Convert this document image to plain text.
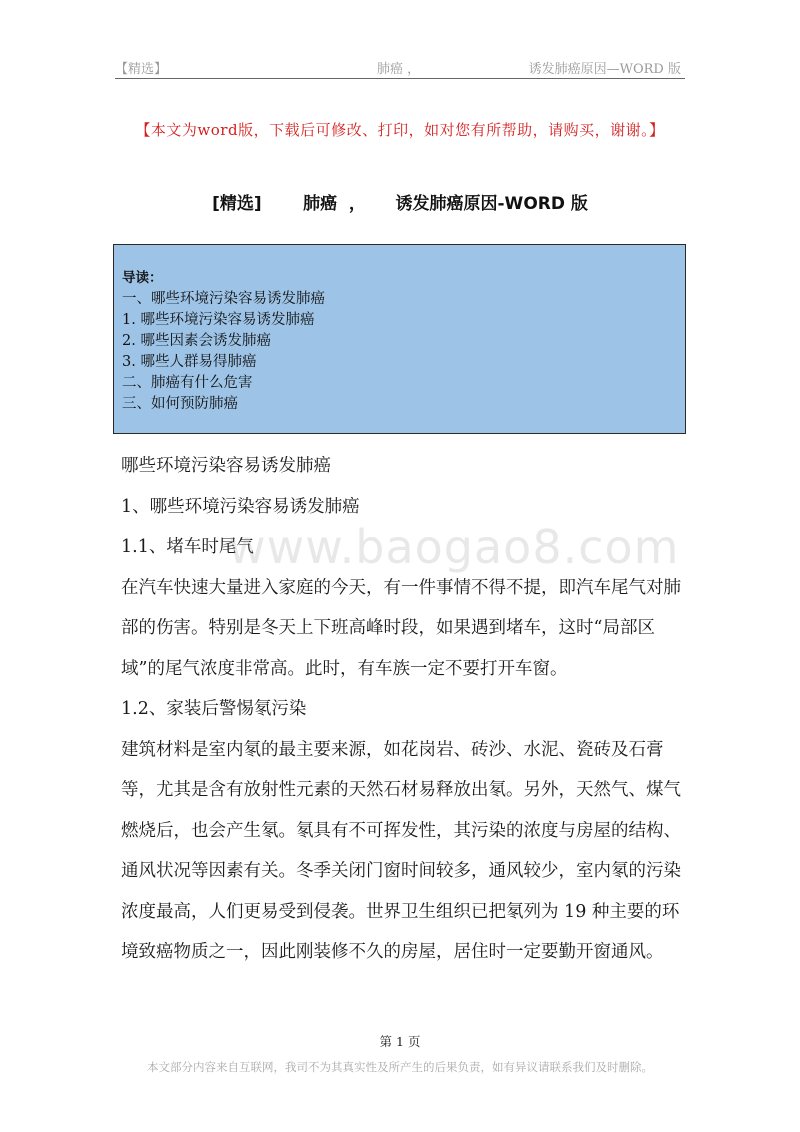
【精选】	肺癌 ，	诱发肺癌原因—WORD 版
【本文为word版，下载后可修改、打印，如对您有所帮助，请购买，谢谢。】
[精选]       肺癌  ，     诱发肺癌原因-WORD 版
导读：
一、哪些环境污染容易诱发肺癌
1. 哪些环境污染容易诱发肺癌
2. 哪些因素会诱发肺癌
3. 哪些人群易得肺癌
二、肺癌有什么危害
三、如何预防肺癌

哪些环境污染容易诱发肺癌

1、哪些环境污染容易诱发肺癌

1.1、堵车时尾气

在汽车快速大量进入家庭的今天，有一件事情不得不提，即汽车尾气对肺部的伤害。特别是冬天上下班高峰时段，如果遇到堵车，这时“局部区域”的尾气浓度非常高。此时，有车族一定不要打开车窗。

1.2、家装后警惕氡污染

建筑材料是室内氡的最主要来源，如花岗岩、砖沙、水泥、瓷砖及石膏等，尤其是含有放射性元素的天然石材易释放出氡。另外，天然气、煤气燃烧后，也会产生氡。氡具有不可挥发性，其污染的浓度与房屋的结构、通风状况等因素有关。冬季关闭门窗时间较多，通风较少，室内氡的污染浓度最高，人们更易受到侵袭。世界卫生组织已把氡列为 19 种主要的环境致癌物质之一，因此刚装修不久的房屋，居住时一定要勤开窗通风。

www.baogao8.com
第 1 页
本文部分内容来自互联网，我司不为其真实性及所产生的后果负责，如有异议请联系我们及时删除。
